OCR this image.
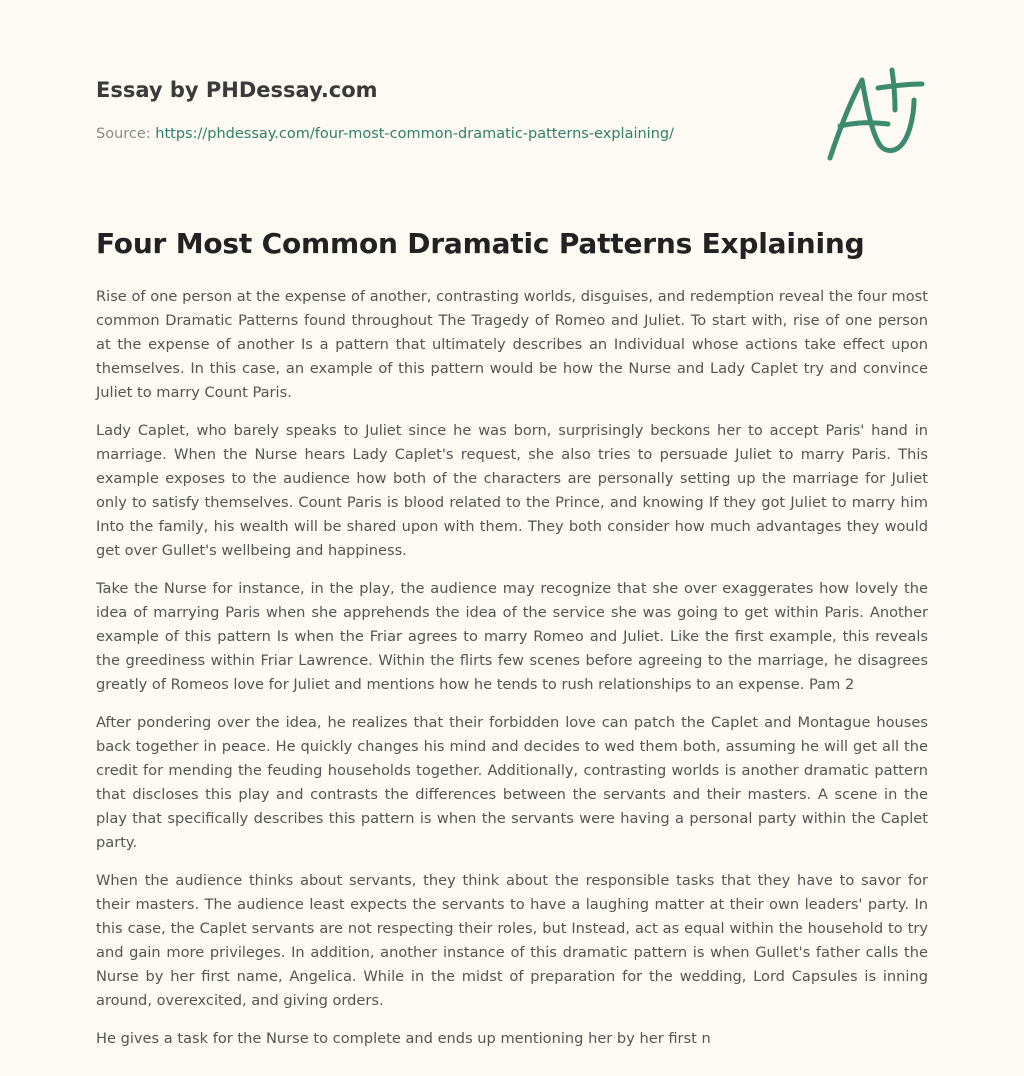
Essay by PHDessay.com
Source: https://phdessay.com/four-most-common-dramatic-patterns-explaining/
Four Most Common Dramatic Patterns Explaining

Rise of one person at the expense of another, contrasting worlds, disguises, and redemption reveal the four most common Dramatic Patterns found throughout The Tragedy of Romeo and Juliet. To start with, rise of one person at the expense of another Is a pattern that ultimately describes an Individual whose actions take effect upon themselves. In this case, an example of this pattern would be how the Nurse and Lady Caplet try and convince Juliet to marry Count Paris.

Lady Caplet, who barely speaks to Juliet since he was born, surprisingly beckons her to accept Paris' hand in marriage. When the Nurse hears Lady Caplet's request, she also tries to persuade Juliet to marry Paris. This example exposes to the audience how both of the characters are personally setting up the marriage for Juliet only to satisfy themselves. Count Paris is blood related to the Prince, and knowing If they got Juliet to marry him Into the family, his wealth will be shared upon with them. They both consider how much advantages they would get over Gullet's wellbeing and happiness.

Take the Nurse for instance, in the play, the audience may recognize that she over exaggerates how lovely the idea of marrying Paris when she apprehends the idea of the service she was going to get within Paris. Another example of this pattern Is when the Friar agrees to marry Romeo and Juliet. Like the first example, this reveals the greediness within Friar Lawrence. Within the flirts few scenes before agreeing to the marriage, he disagrees greatly of Romeos love for Juliet and mentions how he tends to rush relationships to an expense. Pam 2

After pondering over the idea, he realizes that their forbidden love can patch the Caplet and Montague houses back together in peace. He quickly changes his mind and decides to wed them both, assuming he will get all the credit for mending the feuding households together. Additionally, contrasting worlds is another dramatic pattern that discloses this play and contrasts the differences between the servants and their masters. A scene in the play that specifically describes this pattern is when the servants were having a personal party within the Caplet party.

When the audience thinks about servants, they think about the responsible tasks that they have to savor for their masters. The audience least expects the servants to have a laughing matter at their own leaders' party. In this case, the Caplet servants are not respecting their roles, but Instead, act as equal within the household to try and gain more privileges. In addition, another instance of this dramatic pattern is when Gullet's father calls the Nurse by her first name, Angelica. While in the midst of preparation for the wedding, Lord Capsules is inning around, overexcited, and giving orders.

He gives a task for the Nurse to complete and ends up mentioning her by her first n
